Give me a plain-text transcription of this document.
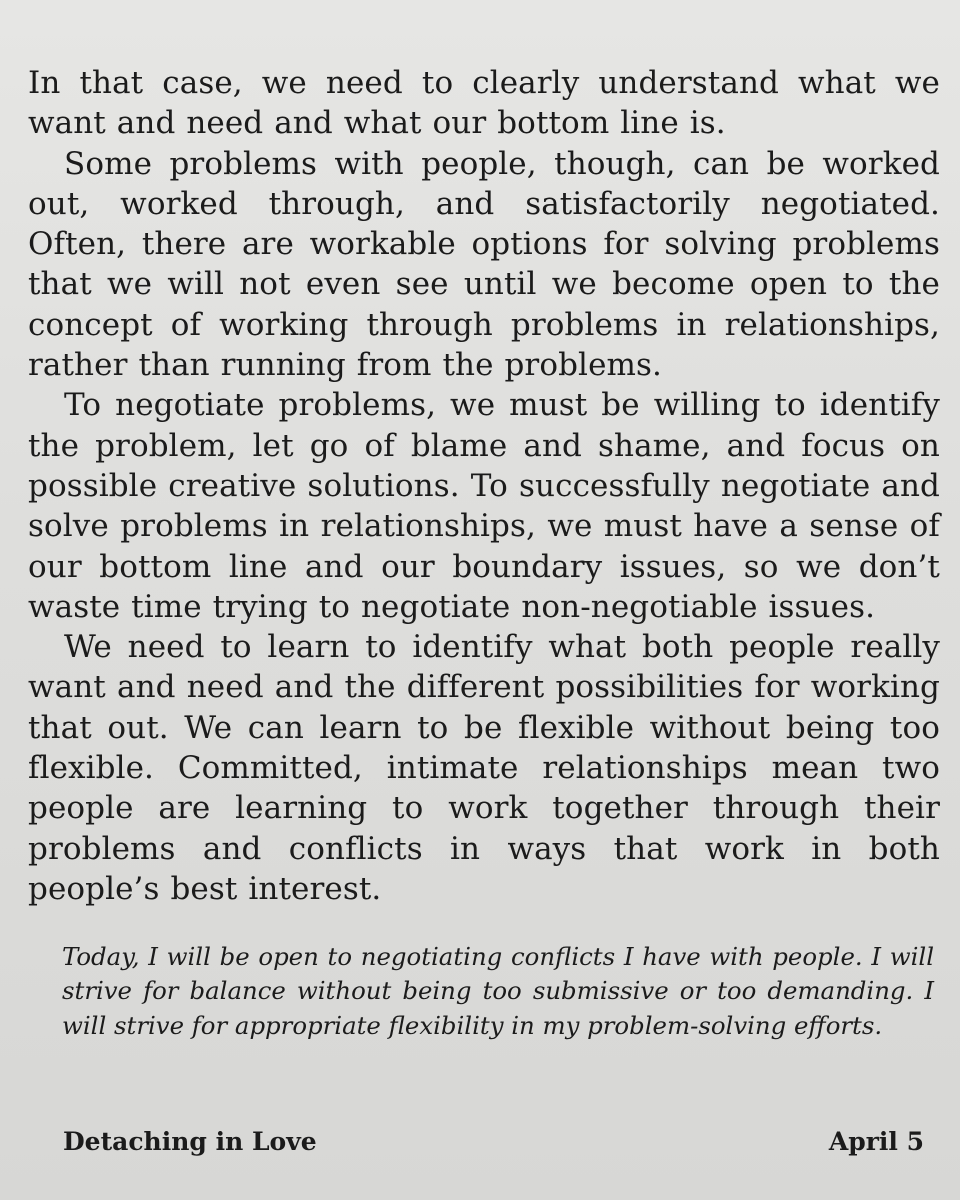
In that case, we need to clearly understand what we want and need and what our bottom line is.

Some problems with people, though, can be worked out, worked through, and satisfactorily negotiated. Often, there are workable options for solving problems that we will not even see until we become open to the concept of working through problems in relationships, rather than running from the problems.

To negotiate problems, we must be willing to identify the problem, let go of blame and shame, and focus on possible creative solutions. To successfully negotiate and solve problems in relationships, we must have a sense of our bottom line and our boundary issues, so we don’t waste time trying to negotiate non-negotiable issues.

We need to learn to identify what both people really want and need and the different possibilities for working that out. We can learn to be flexible without being too flexible. Committed, intimate relationships mean two people are learning to work together through their problems and conflicts in ways that work in both people’s best interest.

Today, I will be open to negotiating conflicts I have with people. I will strive for balance without being too submissive or too demanding. I will strive for appropriate flexibility in my problem-solving efforts.

Detaching in Love	April 5
